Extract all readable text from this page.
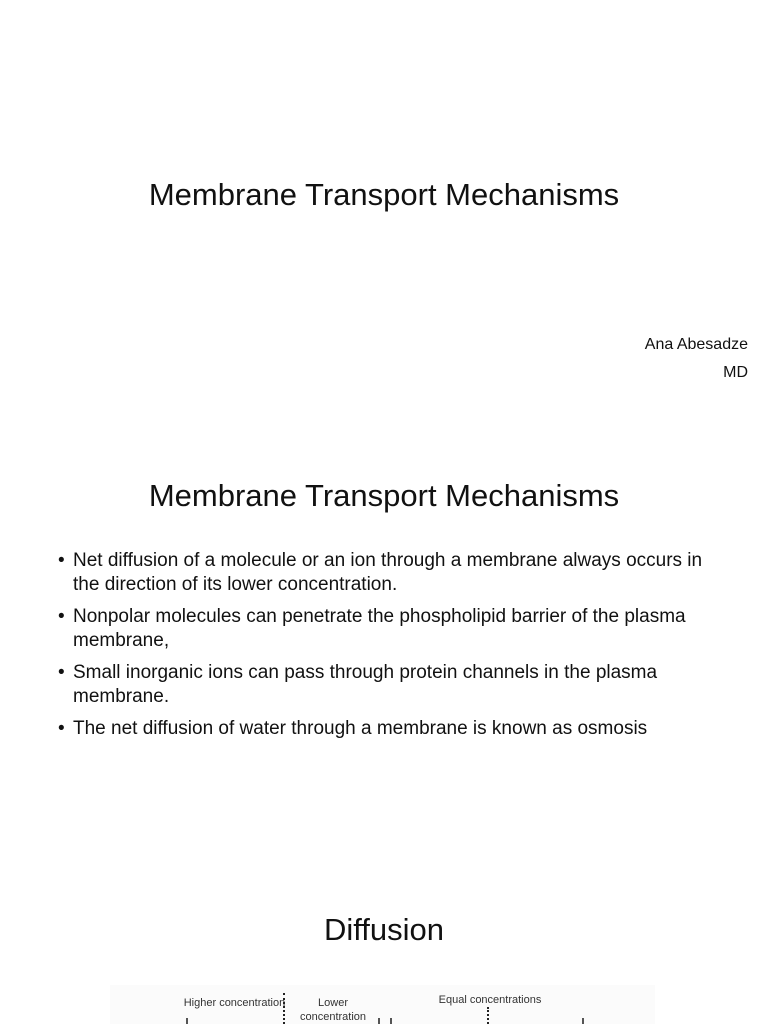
Membrane Transport Mechanisms
Ana Abesadze
MD
Membrane Transport Mechanisms
• Net diffusion of a molecule or an ion through a membrane always occurs in the direction of its lower concentration.
• Nonpolar molecules can penetrate the phospholipid barrier of the plasma membrane,
• Small inorganic ions can pass through protein channels in the plasma membrane.
• The net diffusion of water through a membrane is known as osmosis
Diffusion
Higher concentration	Lower concentration
Equal concentrations
